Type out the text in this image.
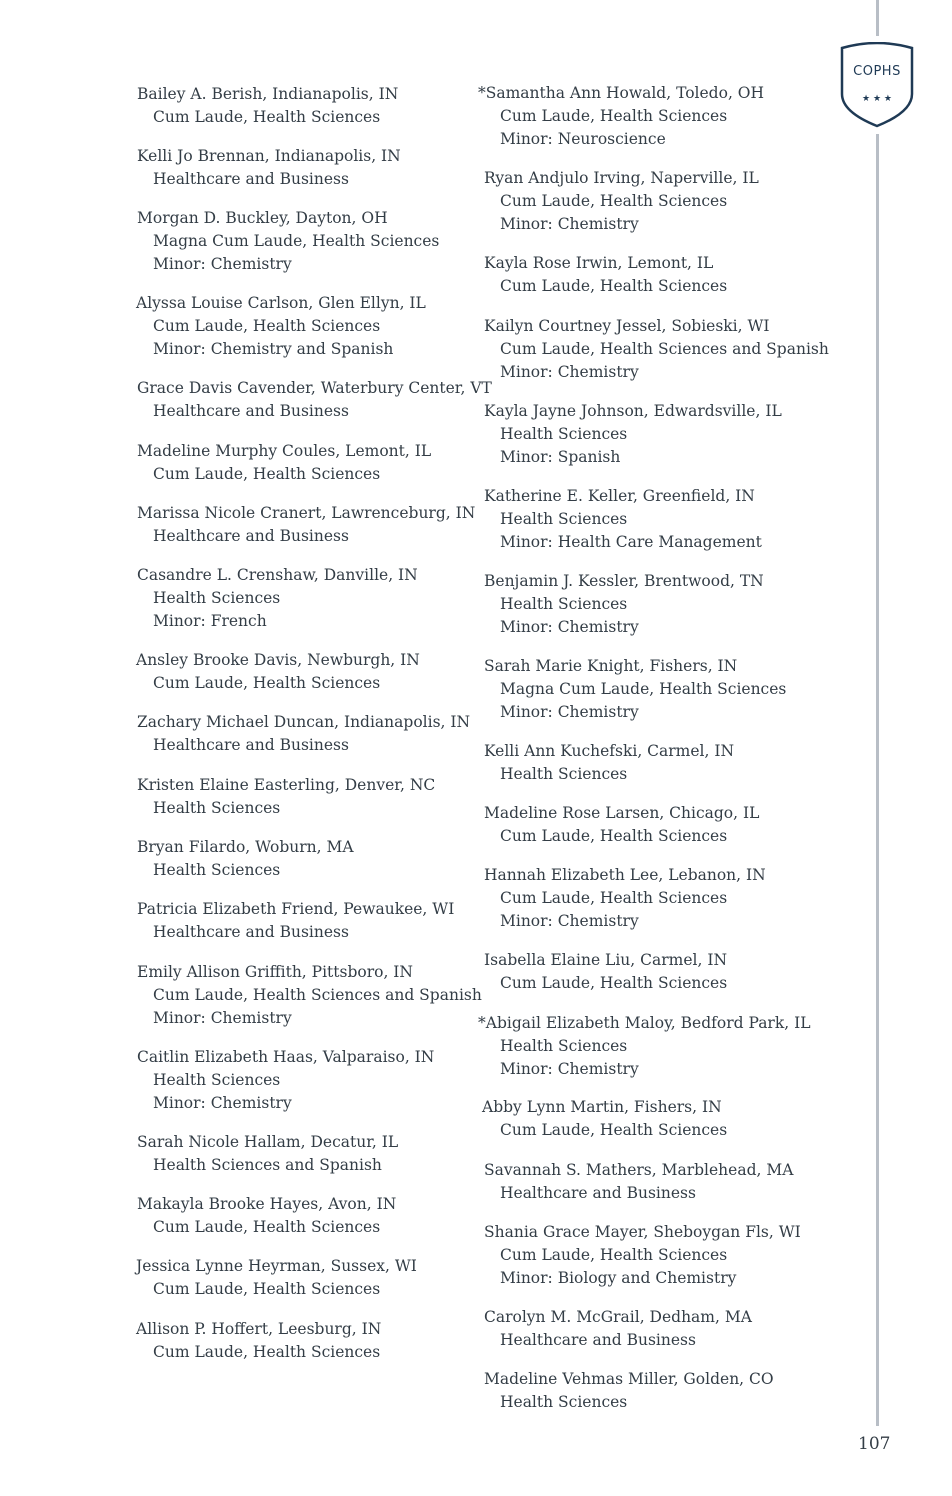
COPHS
★ ★ ★
Bailey A. Berish, Indianapolis, IN
Cum Laude, Health Sciences
Kelli Jo Brennan, Indianapolis, IN
Healthcare and Business
Morgan D. Buckley, Dayton, OH
Magna Cum Laude, Health Sciences
Minor: Chemistry
Alyssa Louise Carlson, Glen Ellyn, IL
Cum Laude, Health Sciences
Minor: Chemistry and Spanish
Grace Davis Cavender, Waterbury Center, VT
Healthcare and Business
Madeline Murphy Coules, Lemont, IL
Cum Laude, Health Sciences
Marissa Nicole Cranert, Lawrenceburg, IN
Healthcare and Business
Casandre L. Crenshaw, Danville, IN
Health Sciences
Minor: French
Ansley Brooke Davis, Newburgh, IN
Cum Laude, Health Sciences
Zachary Michael Duncan, Indianapolis, IN
Healthcare and Business
Kristen Elaine Easterling, Denver, NC
Health Sciences
Bryan Filardo, Woburn, MA
Health Sciences
Patricia Elizabeth Friend, Pewaukee, WI
Healthcare and Business
Emily Allison Griffith, Pittsboro, IN
Cum Laude, Health Sciences and Spanish
Minor: Chemistry
Caitlin Elizabeth Haas, Valparaiso, IN
Health Sciences
Minor: Chemistry
Sarah Nicole Hallam, Decatur, IL
Health Sciences and Spanish
Makayla Brooke Hayes, Avon, IN
Cum Laude, Health Sciences
Jessica Lynne Heyrman, Sussex, WI
Cum Laude, Health Sciences
Allison P. Hoffert, Leesburg, IN
Cum Laude, Health Sciences
*Samantha Ann Howald, Toledo, OH
Cum Laude, Health Sciences
Minor: Neuroscience
Ryan Andjulo Irving, Naperville, IL
Cum Laude, Health Sciences
Minor: Chemistry
Kayla Rose Irwin, Lemont, IL
Cum Laude, Health Sciences
Kailyn Courtney Jessel, Sobieski, WI
Cum Laude, Health Sciences and Spanish
Minor: Chemistry
Kayla Jayne Johnson, Edwardsville, IL
Health Sciences
Minor: Spanish
Katherine E. Keller, Greenfield, IN
Health Sciences
Minor: Health Care Management
Benjamin J. Kessler, Brentwood, TN
Health Sciences
Minor: Chemistry
Sarah Marie Knight, Fishers, IN
Magna Cum Laude, Health Sciences
Minor: Chemistry
Kelli Ann Kuchefski, Carmel, IN
Health Sciences
Madeline Rose Larsen, Chicago, IL
Cum Laude, Health Sciences
Hannah Elizabeth Lee, Lebanon, IN
Cum Laude, Health Sciences
Minor: Chemistry
Isabella Elaine Liu, Carmel, IN
Cum Laude, Health Sciences
*Abigail Elizabeth Maloy, Bedford Park, IL
Health Sciences
Minor: Chemistry
Abby Lynn Martin, Fishers, IN
Cum Laude, Health Sciences
Savannah S. Mathers, Marblehead, MA
Healthcare and Business
Shania Grace Mayer, Sheboygan Fls, WI
Cum Laude, Health Sciences
Minor: Biology and Chemistry
Carolyn M. McGrail, Dedham, MA
Healthcare and Business
Madeline Vehmas Miller, Golden, CO
Health Sciences
107
